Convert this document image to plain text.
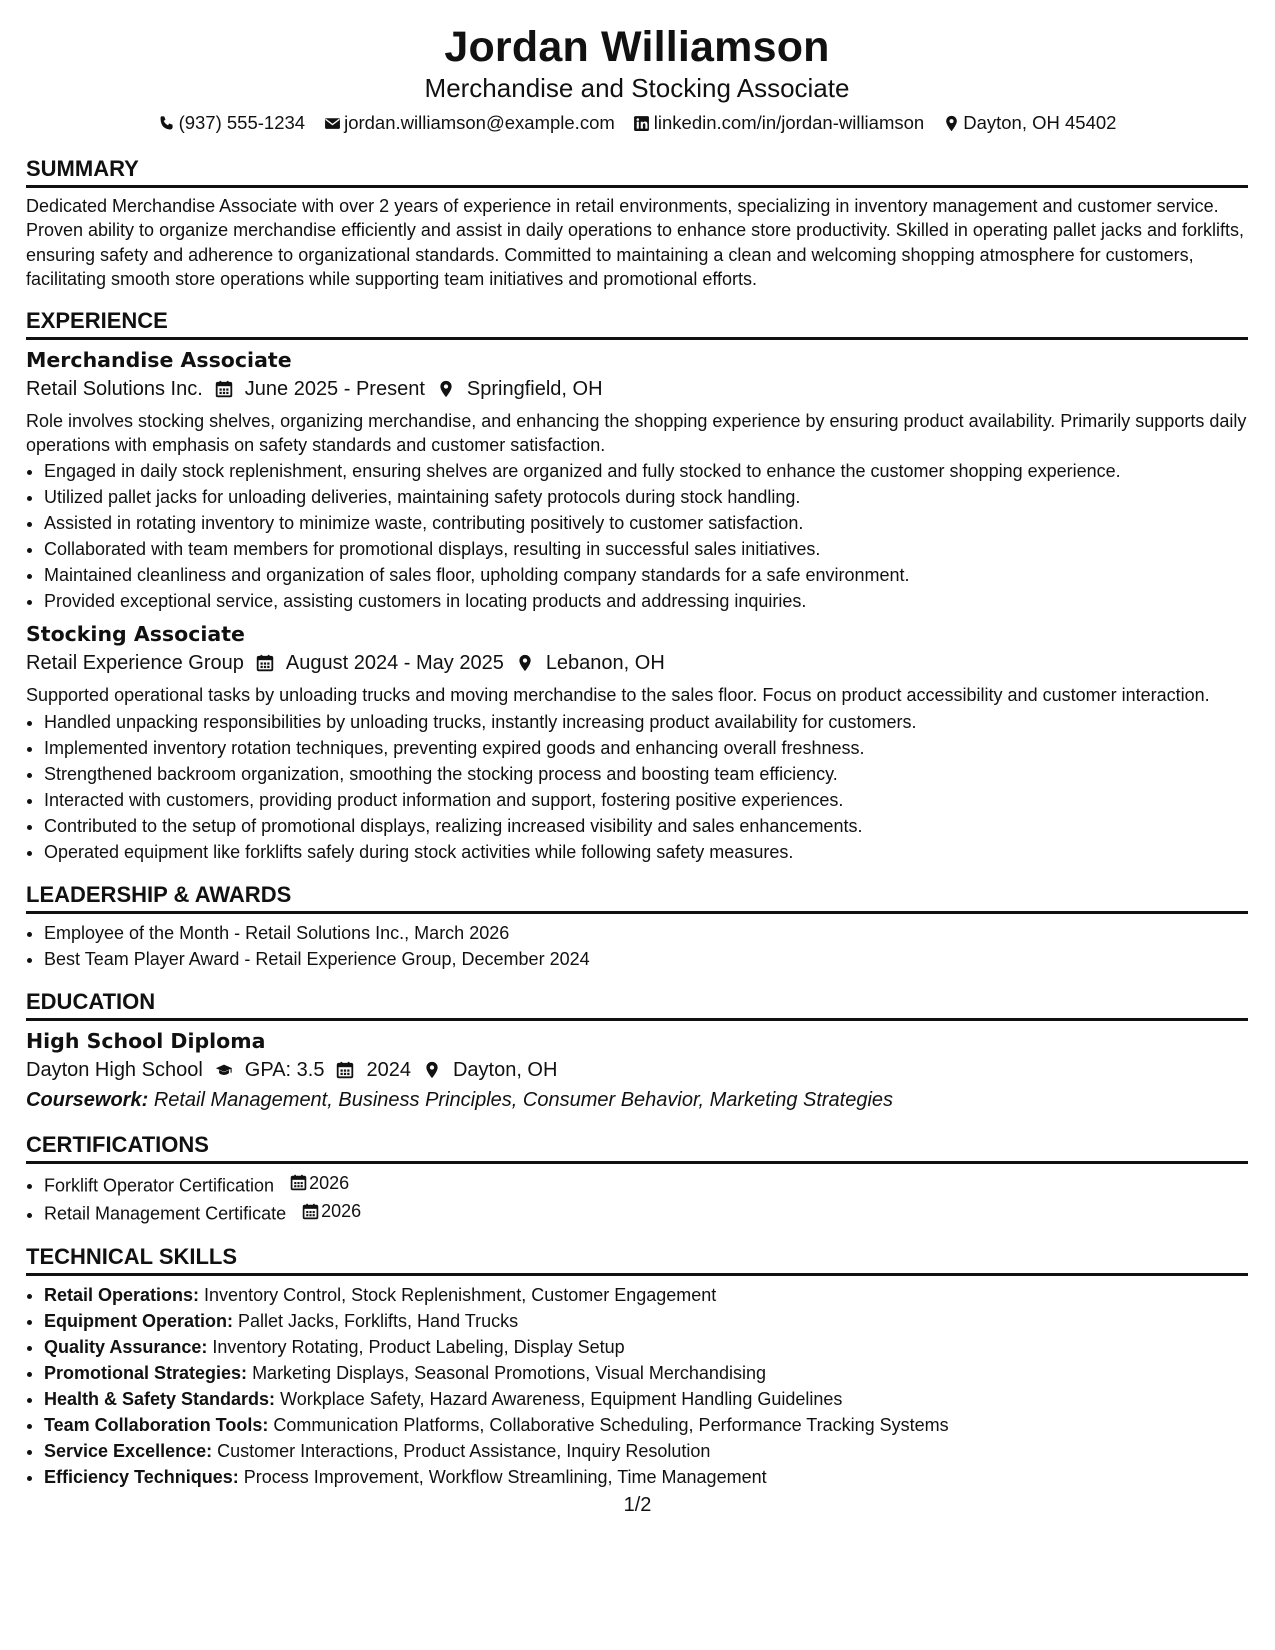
Jordan Williamson
Merchandise and Stocking Associate
(937) 555-1234 jordan.williamson@example.com linkedin.com/in/jordan-williamson Dayton, OH 45402
SUMMARY
Dedicated Merchandise Associate with over 2 years of experience in retail environments, specializing in inventory management and customer service. Proven ability to organize merchandise efficiently and assist in daily operations to enhance store productivity. Skilled in operating pallet jacks and forklifts, ensuring safety and adherence to organizational standards. Committed to maintaining a clean and welcoming shopping atmosphere for customers, facilitating smooth store operations while supporting team initiatives and promotional efforts.
EXPERIENCE
Merchandise Associate
Retail Solutions Inc. June 2025 - Present Springfield, OH
Role involves stocking shelves, organizing merchandise, and enhancing the shopping experience by ensuring product availability. Primarily supports daily operations with emphasis on safety standards and customer satisfaction.
• Engaged in daily stock replenishment, ensuring shelves are organized and fully stocked to enhance the customer shopping experience.
• Utilized pallet jacks for unloading deliveries, maintaining safety protocols during stock handling.
• Assisted in rotating inventory to minimize waste, contributing positively to customer satisfaction.
• Collaborated with team members for promotional displays, resulting in successful sales initiatives.
• Maintained cleanliness and organization of sales floor, upholding company standards for a safe environment.
• Provided exceptional service, assisting customers in locating products and addressing inquiries.
Stocking Associate
Retail Experience Group August 2024 - May 2025 Lebanon, OH
Supported operational tasks by unloading trucks and moving merchandise to the sales floor. Focus on product accessibility and customer interaction.
• Handled unpacking responsibilities by unloading trucks, instantly increasing product availability for customers.
• Implemented inventory rotation techniques, preventing expired goods and enhancing overall freshness.
• Strengthened backroom organization, smoothing the stocking process and boosting team efficiency.
• Interacted with customers, providing product information and support, fostering positive experiences.
• Contributed to the setup of promotional displays, realizing increased visibility and sales enhancements.
• Operated equipment like forklifts safely during stock activities while following safety measures.
LEADERSHIP & AWARDS
• Employee of the Month - Retail Solutions Inc., March 2026
• Best Team Player Award - Retail Experience Group, December 2024
EDUCATION
High School Diploma
Dayton High School GPA: 3.5 2024 Dayton, OH
Coursework: Retail Management, Business Principles, Consumer Behavior, Marketing Strategies
CERTIFICATIONS
• Forklift Operator Certification 2026
• Retail Management Certificate 2026
TECHNICAL SKILLS
• Retail Operations: Inventory Control, Stock Replenishment, Customer Engagement
• Equipment Operation: Pallet Jacks, Forklifts, Hand Trucks
• Quality Assurance: Inventory Rotating, Product Labeling, Display Setup
• Promotional Strategies: Marketing Displays, Seasonal Promotions, Visual Merchandising
• Health & Safety Standards: Workplace Safety, Hazard Awareness, Equipment Handling Guidelines
• Team Collaboration Tools: Communication Platforms, Collaborative Scheduling, Performance Tracking Systems
• Service Excellence: Customer Interactions, Product Assistance, Inquiry Resolution
• Efficiency Techniques: Process Improvement, Workflow Streamlining, Time Management
1/2
